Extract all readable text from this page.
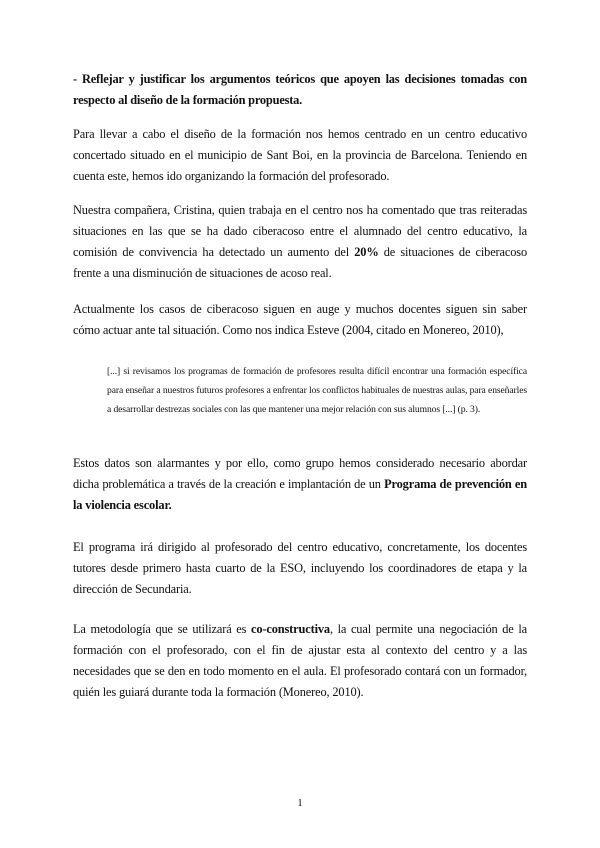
- Reflejar y justificar los argumentos teóricos que apoyen las decisiones tomadas con respecto al diseño de la formación propuesta.
Para llevar a cabo el diseño de la formación nos hemos centrado en un centro educativo concertado situado en el municipio de Sant Boi, en la provincia de Barcelona. Teniendo en cuenta este, hemos ido organizando la formación del profesorado.
Nuestra compañera, Cristina, quien trabaja en el centro nos ha comentado que tras reiteradas situaciones en las que se ha dado ciberacoso entre el alumnado del centro educativo, la comisión de convivencia ha detectado un aumento del 20% de situaciones de ciberacoso frente a una disminución de situaciones de acoso real.
Actualmente los casos de ciberacoso siguen en auge y muchos docentes siguen sin saber cómo actuar ante tal situación. Como nos indica Esteve (2004, citado en Monereo, 2010),
[...] si revisamos los programas de formación de profesores resulta difícil encontrar una formación específica para enseñar a nuestros futuros profesores a enfrentar los conflictos habituales de nuestras aulas, para enseñarles a desarrollar destrezas sociales con las que mantener una mejor relación con sus alumnos [...] (p. 3).
Estos datos son alarmantes y por ello, como grupo hemos considerado necesario abordar dicha problemática a través de la creación e implantación de un Programa de prevención en la violencia escolar.
El programa irá dirigido al profesorado del centro educativo, concretamente, los docentes tutores desde primero hasta cuarto de la ESO, incluyendo los coordinadores de etapa y la dirección de Secundaria.
La metodología que se utilizará es co-constructiva, la cual permite una negociación de la formación con el profesorado, con el fin de ajustar esta al contexto del centro y a las necesidades que se den en todo momento en el aula. El profesorado contará con un formador, quién les guiará durante toda la formación (Monereo, 2010).
1
